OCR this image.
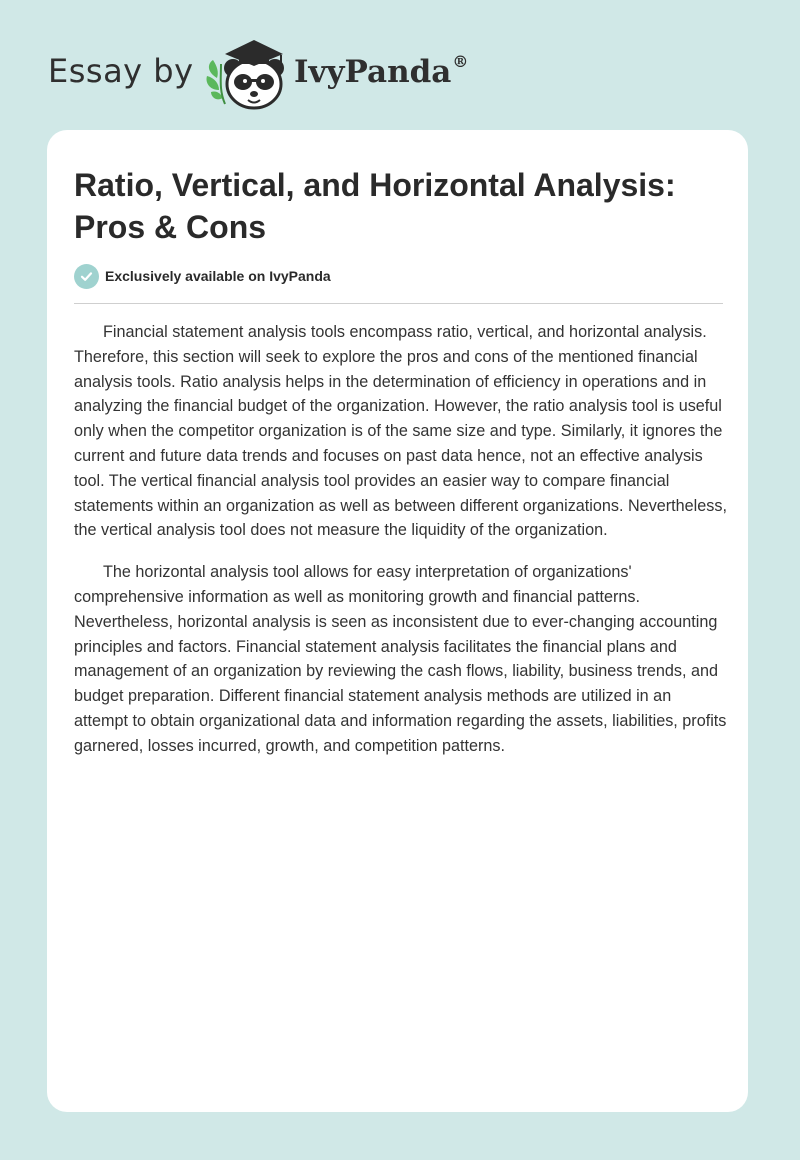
Essay by	IvyPanda®
Ratio, Vertical, and Horizontal Analysis: Pros & Cons
Exclusively available on IvyPanda

Financial statement analysis tools encompass ratio, vertical, and horizontal analysis. Therefore, this section will seek to explore the pros and cons of the mentioned financial analysis tools. Ratio analysis helps in the determination of efficiency in operations and in analyzing the financial budget of the organization. However, the ratio analysis tool is useful only when the competitor organization is of the same size and type. Similarly, it ignores the current and future data trends and focuses on past data hence, not an effective analysis tool. The vertical financial analysis tool provides an easier way to compare financial statements within an organization as well as between different organizations. Nevertheless, the vertical analysis tool does not measure the liquidity of the organization.

The horizontal analysis tool allows for easy interpretation of organizations' comprehensive information as well as monitoring growth and financial patterns. Nevertheless, horizontal analysis is seen as inconsistent due to ever-changing accounting principles and factors. Financial statement analysis facilitates the financial plans and management of an organization by reviewing the cash flows, liability, business trends, and budget preparation. Different financial statement analysis methods are utilized in an attempt to obtain organizational data and information regarding the assets, liabilities, profits garnered, losses incurred, growth, and competition patterns.
